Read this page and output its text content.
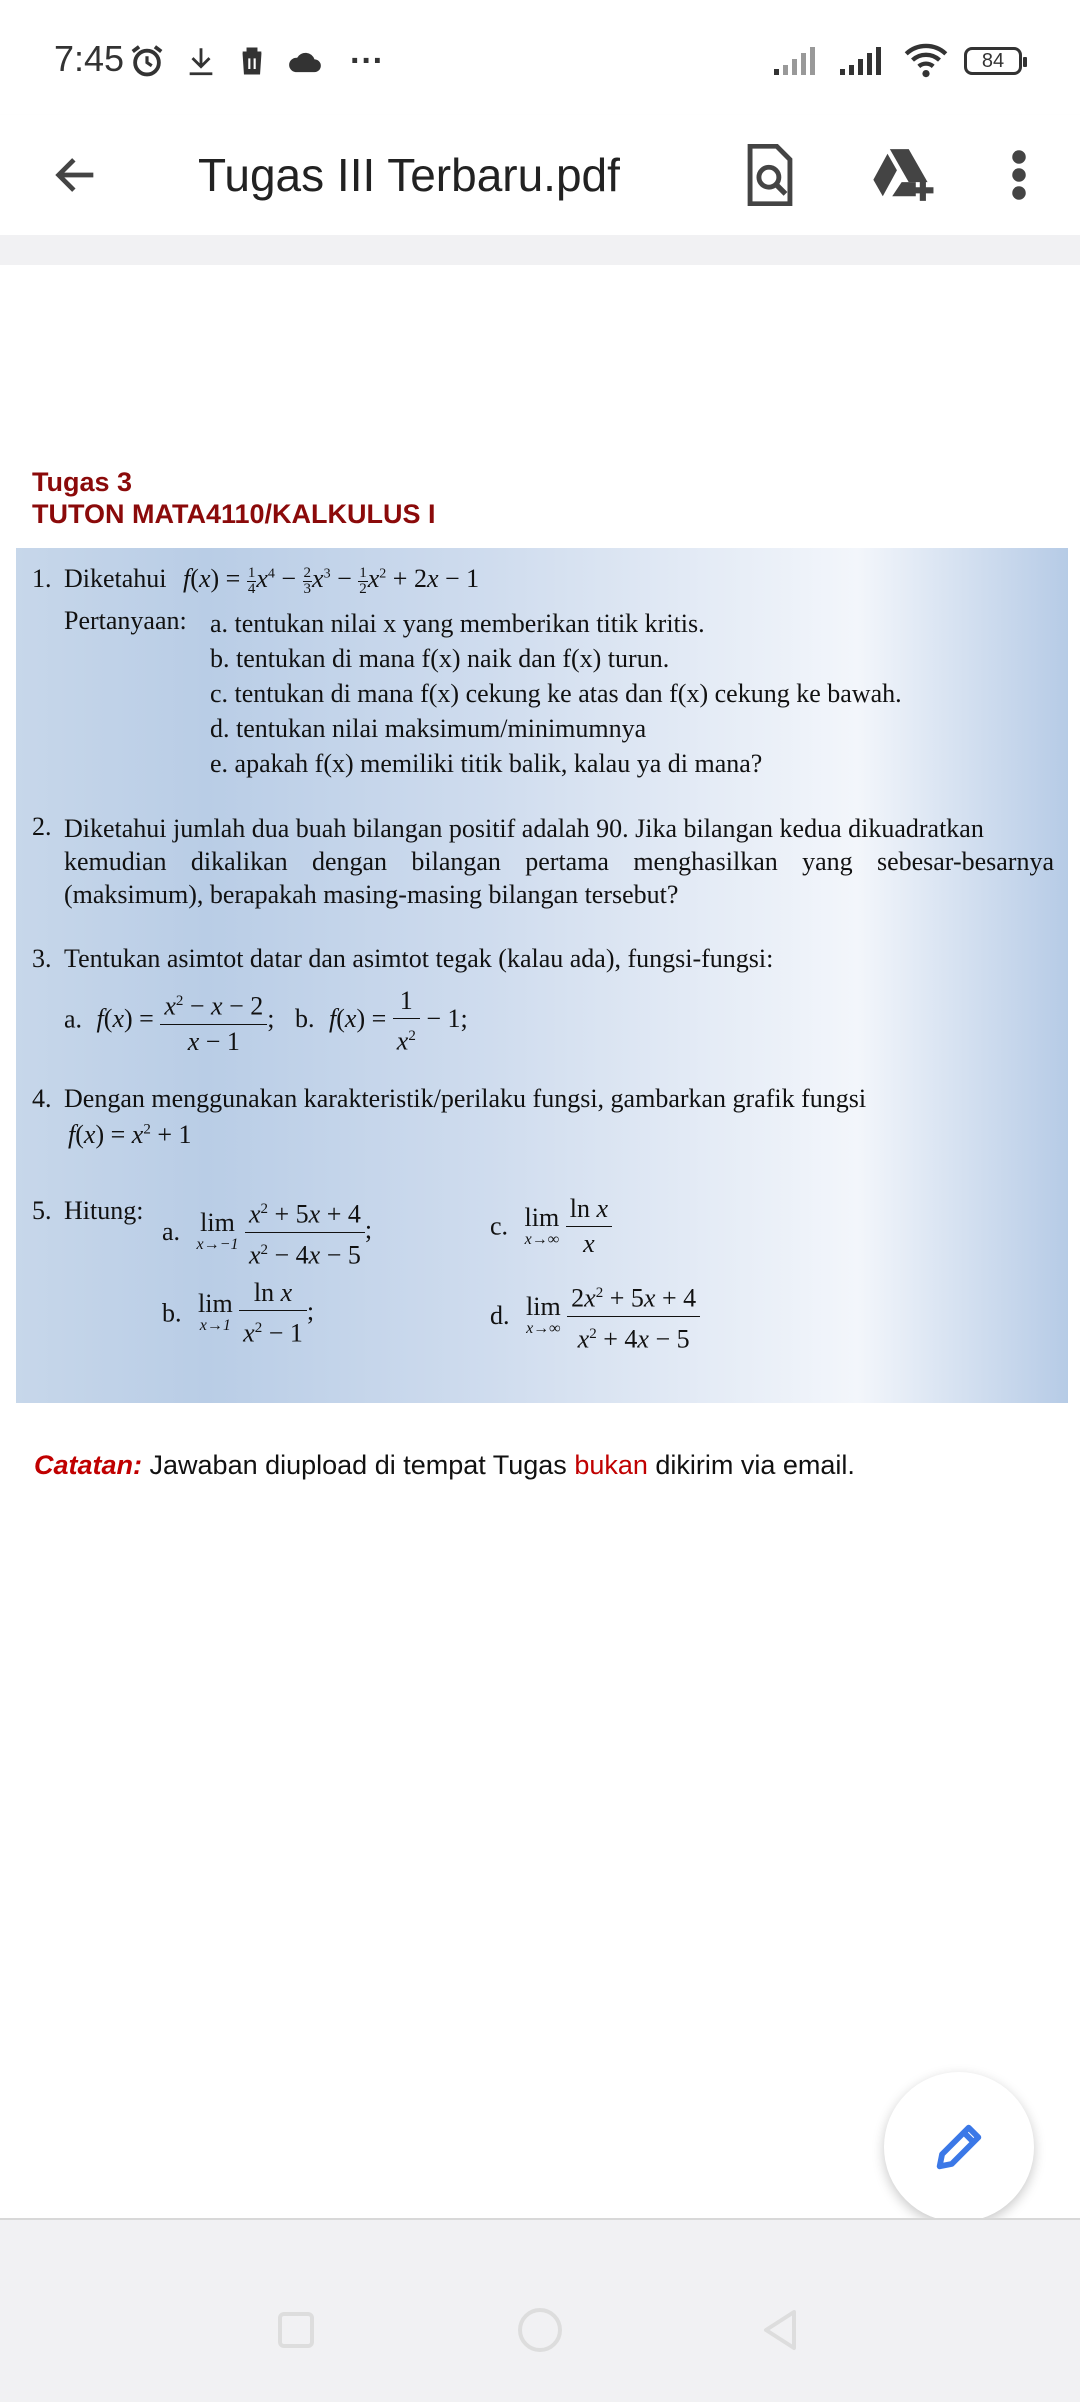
7:45	···	84
Tugas III Terbaru.pdf
Tugas 3
TUTON MATA4110/KALKULUS I
1. Diketahui $f(x) = \frac{1}{4} x^4 - \frac{2}{3} x^3 - \frac{1}{2} x^2 + 2x - 1$
Pertanyaan: a. tentukan nilai x yang memberikan titik kritis.
b. tentukan di mana f(x) naik dan f(x) turun.
c. tentukan di mana f(x) cekung ke atas dan f(x) cekung ke bawah.
d. tentukan nilai maksimum/minimumnya
e. apakah f(x) memiliki titik balik, kalau ya di mana?
2. Diketahui jumlah dua buah bilangan positif adalah 90. Jika bilangan kedua dikuadratkan
kemudian dikalikan dengan bilangan pertama menghasilkan yang sebesar-besarnya
(maksimum), berapakah masing-masing bilangan tersebut?
3. Tentukan asimtot datar dan asimtot tegak (kalau ada), fungsi-fungsi:
a. $f(x) = \frac{x^2 - x - 2}{x - 1}$ ; b. $f(x) = \frac{1}{x^2} - 1$;
4. Dengan menggunakan karakteristik/perilaku fungsi, gambarkan grafik fungsi
$f(x) = x^2 + 1$
5. Hitung:
a. lim
x→−1
$\frac{x^2 + 5x + 4}{x^2 - 4x - 5}$ ;	c. lim
x→∞
$\frac{\text{ln x}}{x}$
b. lim
x→1
$\frac{\text{ln x}}{x^2 - 1}$ ;	d. lim
x→∞
$\frac{2x^2 + 5x + 4}{x^2 + 4x - 5}$
Catatan: Jawaban diupload di tempat Tugas bukan dikirim via email.
